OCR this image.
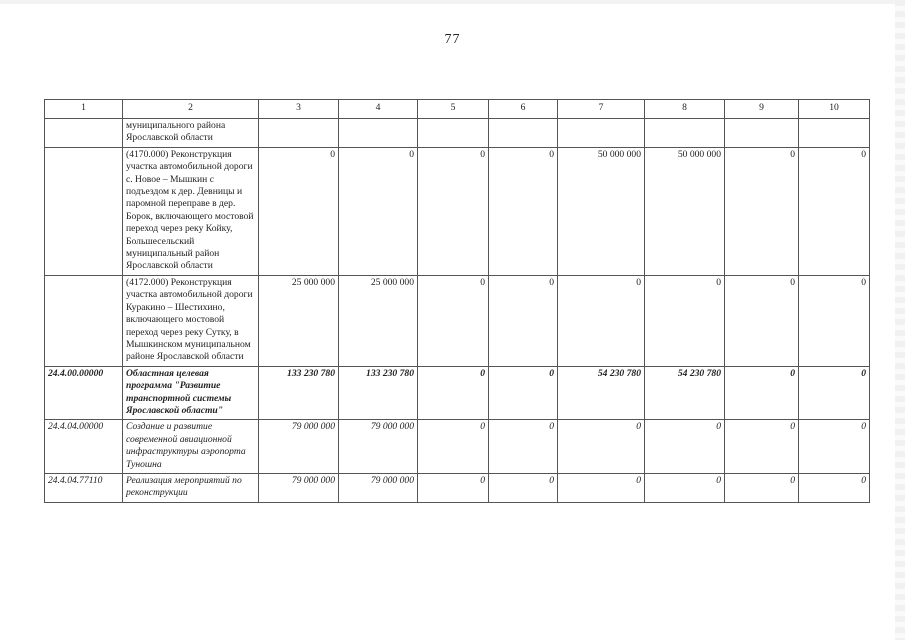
77
1	2	3	4	5	6	7	8	9	10
	муниципального района Ярославской области								
	(4170.000) Реконструкция участка автомобильной дороги с. Новое – Мышкин с подъездом к дер. Девницы и паромной переправе в дер. Борок, включающего мостовой переход через реку Койку, Большесельский муниципальный район Ярославской области	0	0	0	0	50 000 000	50 000 000	0	0
	(4172.000) Реконструкция участка автомобильной дороги Куракино – Шестихино, включающего мостовой переход через реку Сутку, в Мышкинском муниципальном районе Ярославской области	25 000 000	25 000 000	0	0	0	0	0	0
24.4.00.00000	Областная целевая программа "Развитие транспортной системы Ярославской области"	133 230 780	133 230 780	0	0	54 230 780	54 230 780	0	0
24.4.04.00000	Создание и развитие современной авиационной инфраструктуры аэропорта Туношна	79 000 000	79 000 000	0	0	0	0	0	0
24.4.04.77110	Реализация мероприятий по реконструкции	79 000 000	79 000 000	0	0	0	0	0	0
